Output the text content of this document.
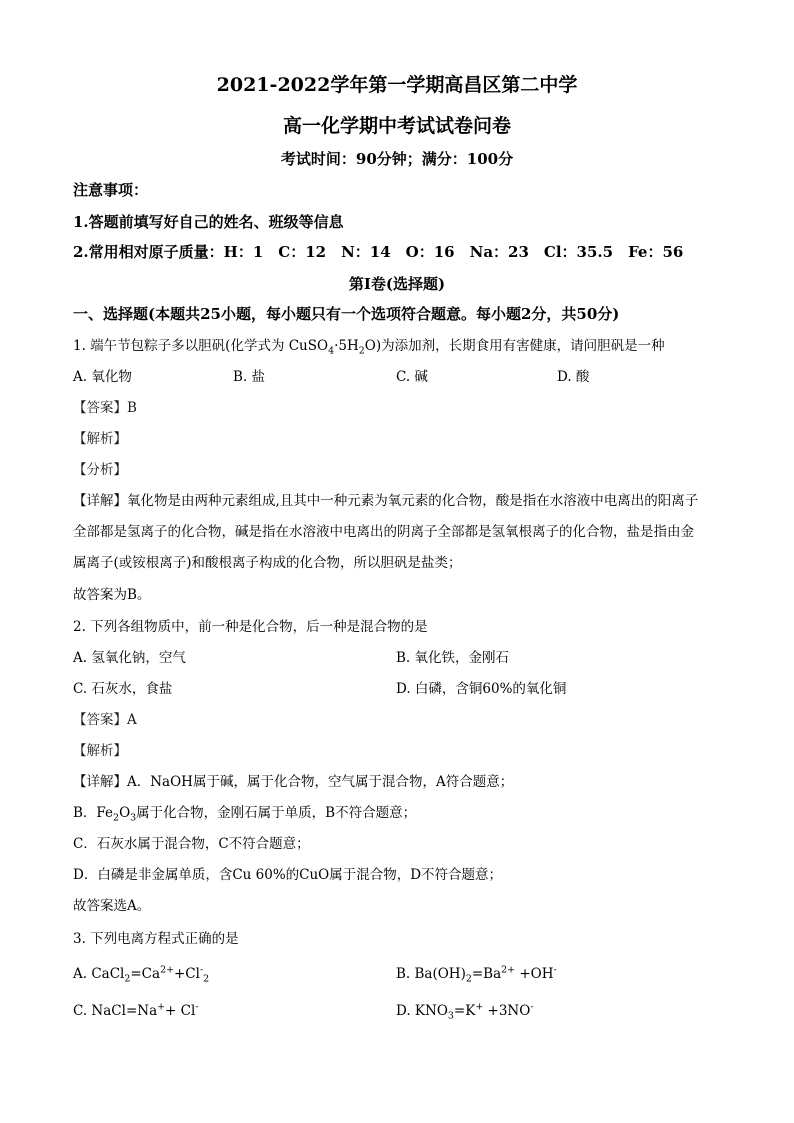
2021-2022学年第一学期高昌区第二中学
高一化学期中考试试卷问卷
考试时间：90分钟；满分：100分
注意事项：
1.答题前填写好自己的姓名、班级等信息
2.常用相对原子质量：H：1　C：12　N：14　O：16　Na：23　Cl：35.5　Fe：56
第I卷(选择题)
一、选择题(本题共25小题，每小题只有一个选项符合题意。每小题2分，共50分)
1. 端午节包粽子多以胆矾(化学式为 $CuSO_4\cdot 5H_2O$)为添加剂，长期食用有害健康，请问胆矾是一种
A. 氧化物	B. 盐	C. 碱	D. 酸
【答案】B
【解析】
【分析】
【详解】氧化物是由两种元素组成,且其中一种元素为氧元素的化合物，酸是指在水溶液中电离出的阳离子
全部都是氢离子的化合物，碱是指在水溶液中电离出的阴离子全部都是氢氧根离子的化合物，盐是指由金
属离子(或铵根离子)和酸根离子构成的化合物，所以胆矾是盐类；
故答案为B。
2. 下列各组物质中，前一种是化合物，后一种是混合物的是
A. 氢氧化钠，空气	B. 氧化铁，金刚石
C. 石灰水，食盐	D. 白磷，含铜60%的氧化铜
【答案】A
【解析】
【详解】A．NaOH属于碱，属于化合物，空气属于混合物，A符合题意；
B．$Fe_2O_3$属于化合物，金刚石属于单质，B不符合题意；
C．石灰水属于混合物，C不符合题意；
D．白磷是非金属单质，含Cu 60%的CuO属于混合物，D不符合题意；
故答案选A。
3. 下列电离方程式正确的是
A. $CaCl_2=Ca^{2+}+Cl^-_2$	B. $Ba(OH)_2=Ba^{2+} +OH^-$
C. NaCl=Na++ Cl-	D. $KNO_3=K^+ +3NO^-$
